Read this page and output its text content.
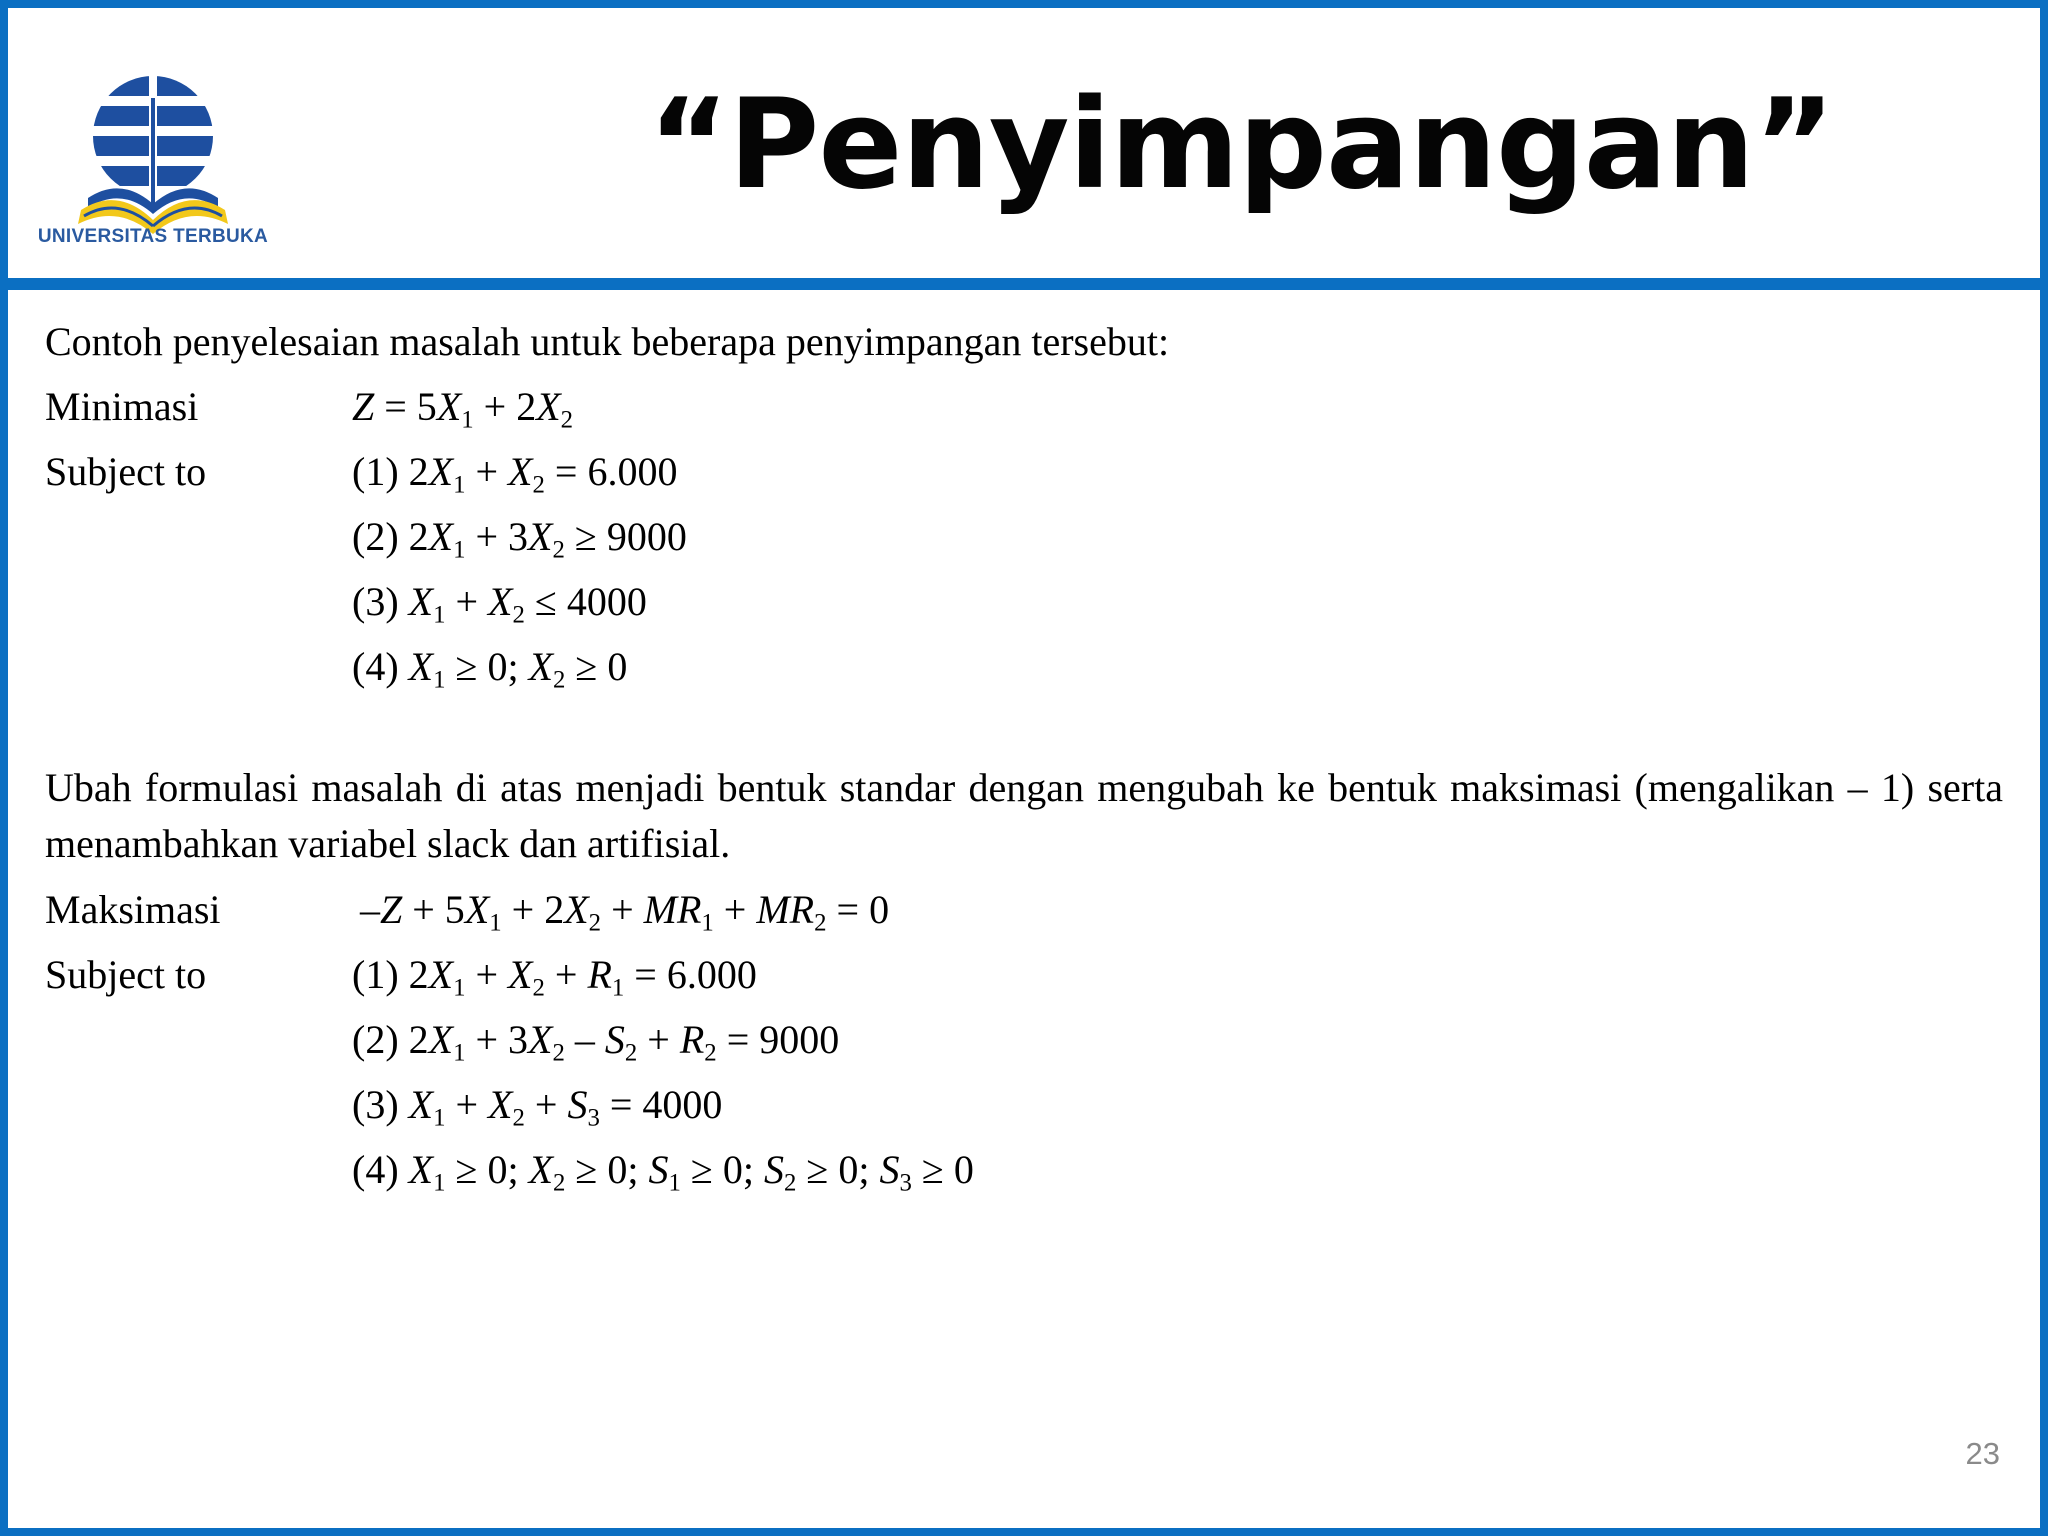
UNIVERSITAS TERBUKA
“Penyimpangan”
Contoh penyelesaian masalah untuk beberapa penyimpangan tersebut:
Minimasi	$Z = 5X_1 + 2X_2$
Subject to	(1) $2X_1 + X_2 = 6.000$
(2) $2X_1 + 3X_2 \ge 9000$
(3) $X_1 + X_2 \le 4000$
(4) $X_1 \ge 0$; $X_2 \ge 0$
Ubah formulasi masalah di atas menjadi bentuk standar dengan mengubah ke bentuk maksimasi (mengalikan – 1) serta menambahkan variabel slack dan artifisial.
Maksimasi	$-Z + 5X_1 + 2X_2 + MR_1 + MR_2 = 0$
Subject to	(1) $2X_1 + X_2 + R_1 = 6.000$
(2) $2X_1 + 3X_2 - S_2 + R_2 = 9000$
(3) $X_1 + X_2 + S_3 = 4000$
(4) $X_1 \ge 0$; $X_2 \ge 0$; $S_1 \ge 0$; $S_2 \ge 0$; $S_3 \ge 0$
23
